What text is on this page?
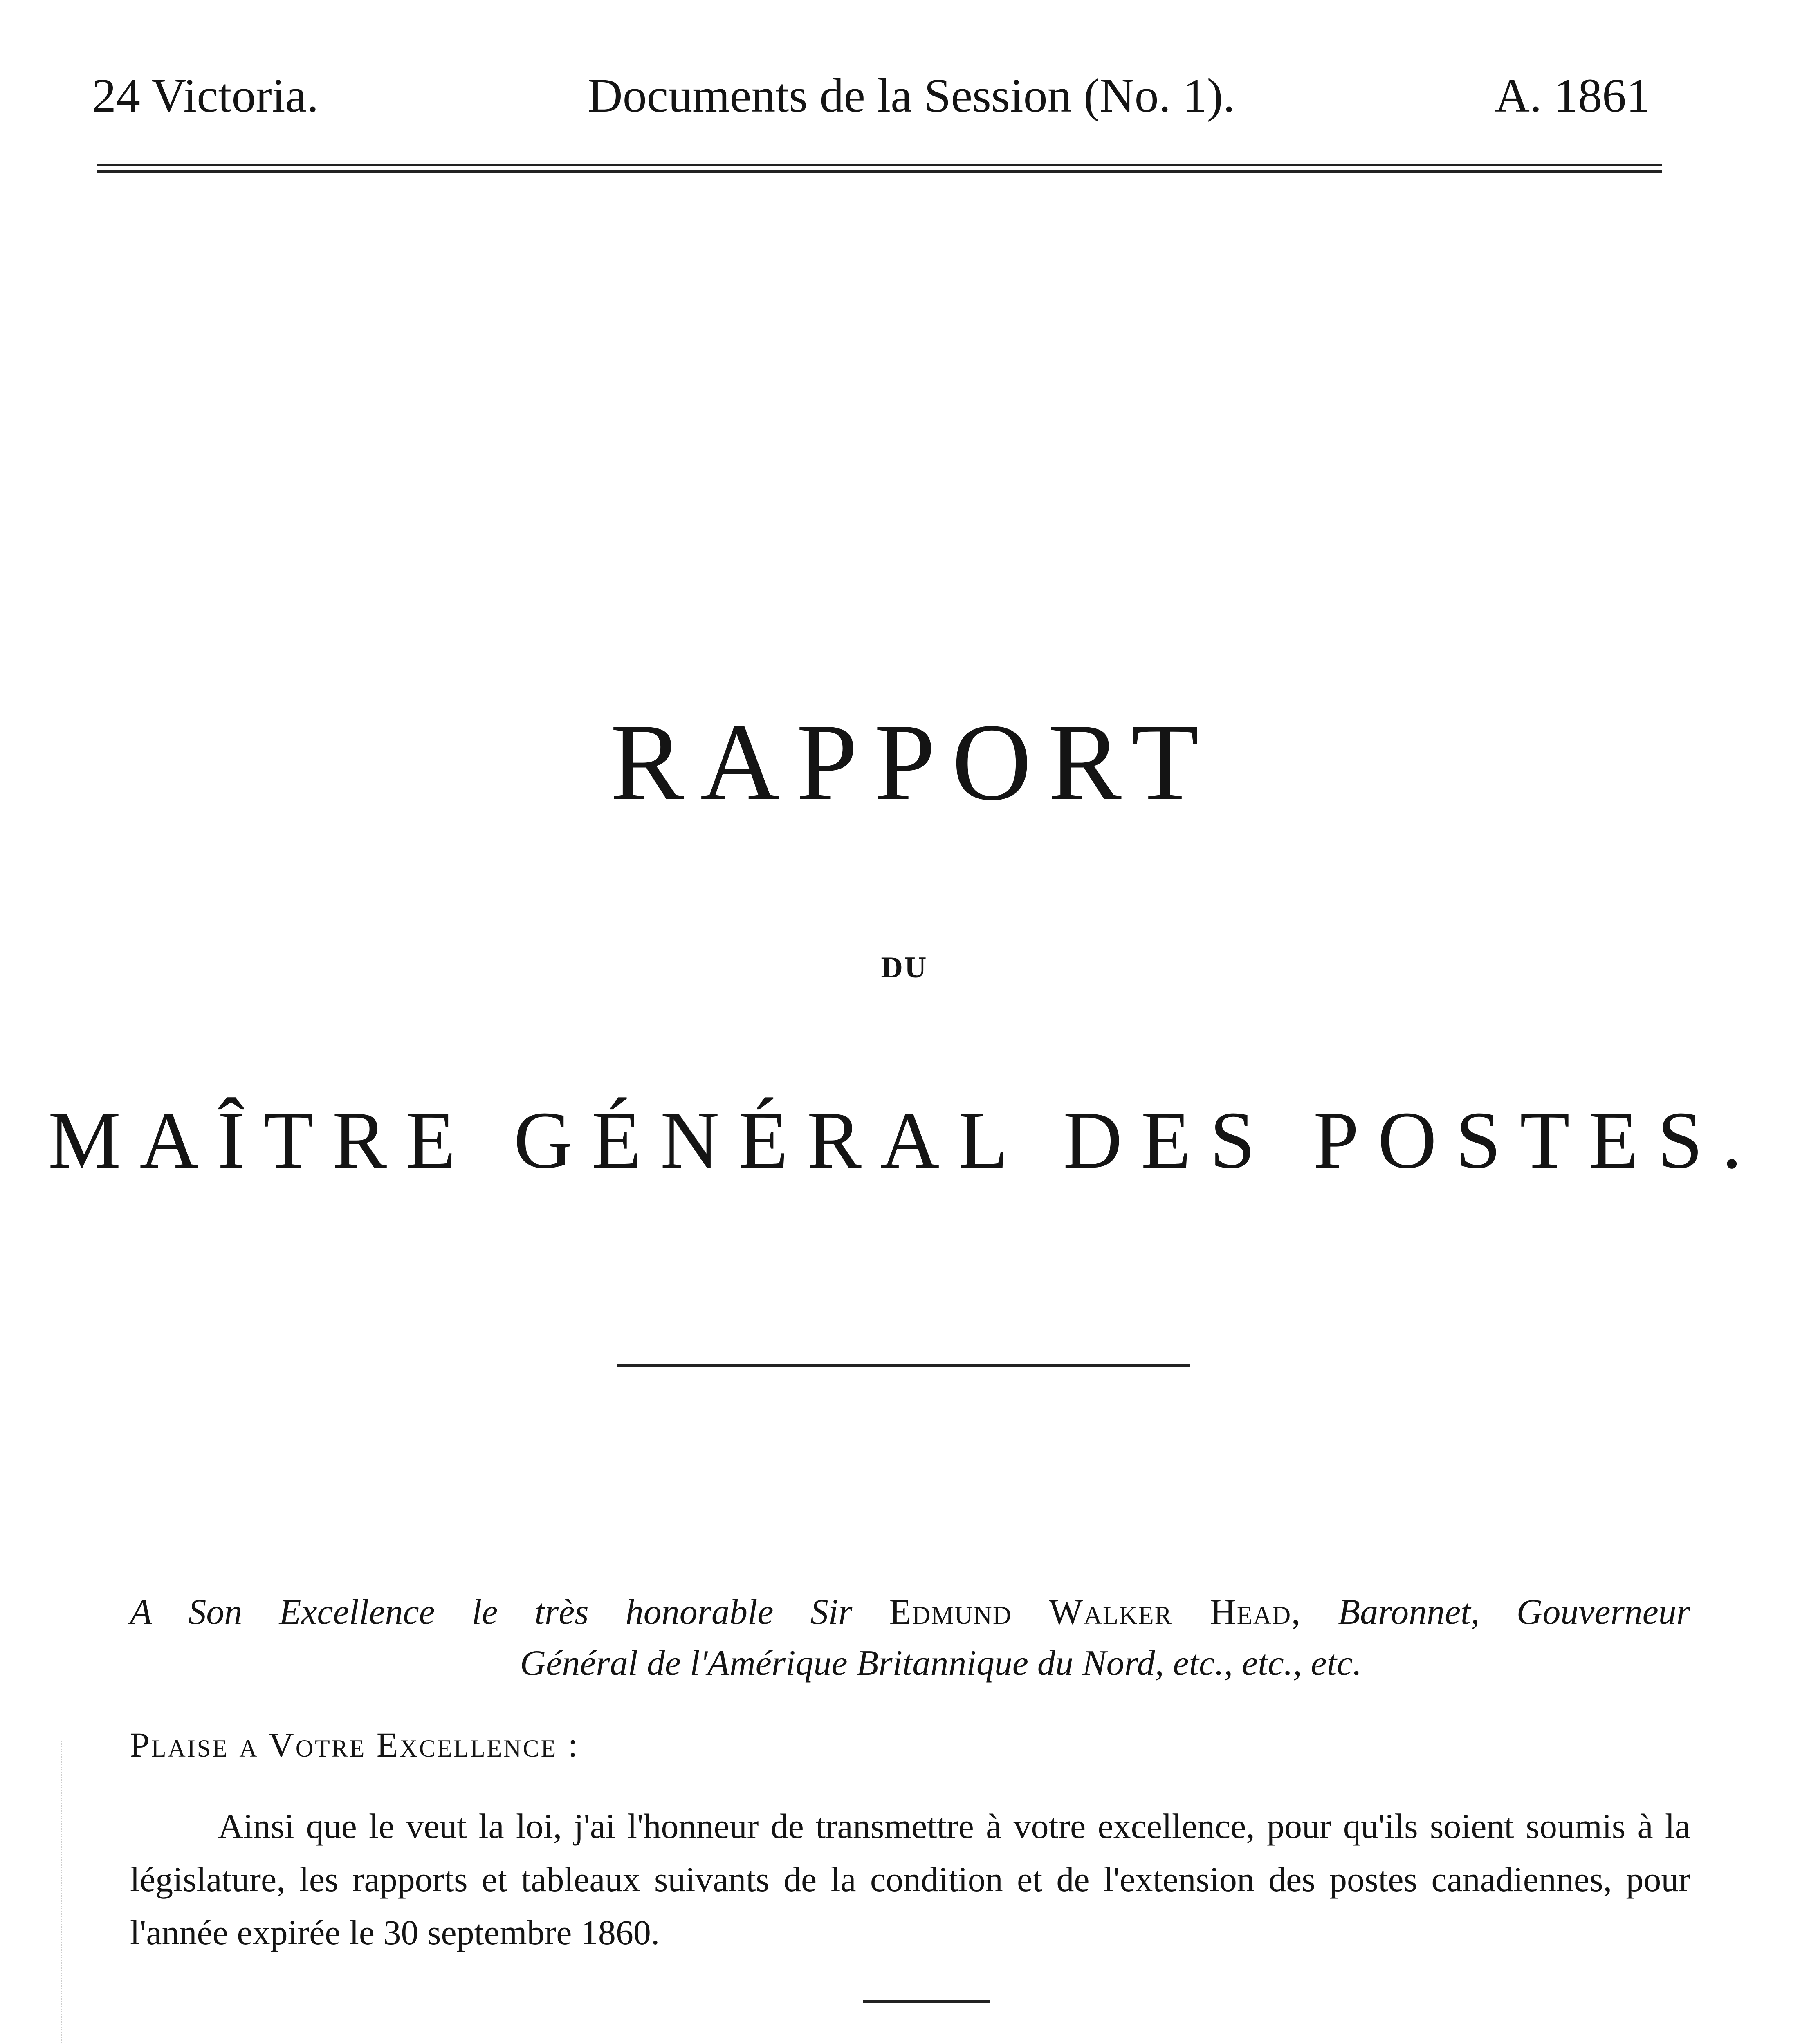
24 Victoria.	Documents de la Session (No. 1).	A. 1861
RAPPORT
DU
MAÎTRE GÉNÉRAL DES POSTES.
A Son Excellence le très honorable Sir Edmund Walker Head, Baronnet, Gouverneur
Général de l'Amérique Britannique du Nord, etc., etc., etc.
Plaise a Votre Excellence :

Ainsi que le veut la loi, j'ai l'honneur de transmettre à votre excellence, pour qu'ils soient soumis à la législature, les rapports et tableaux suivants de la condition et de l'extension des postes canadiennes, pour l'année expirée le 30 septembre 1860.
